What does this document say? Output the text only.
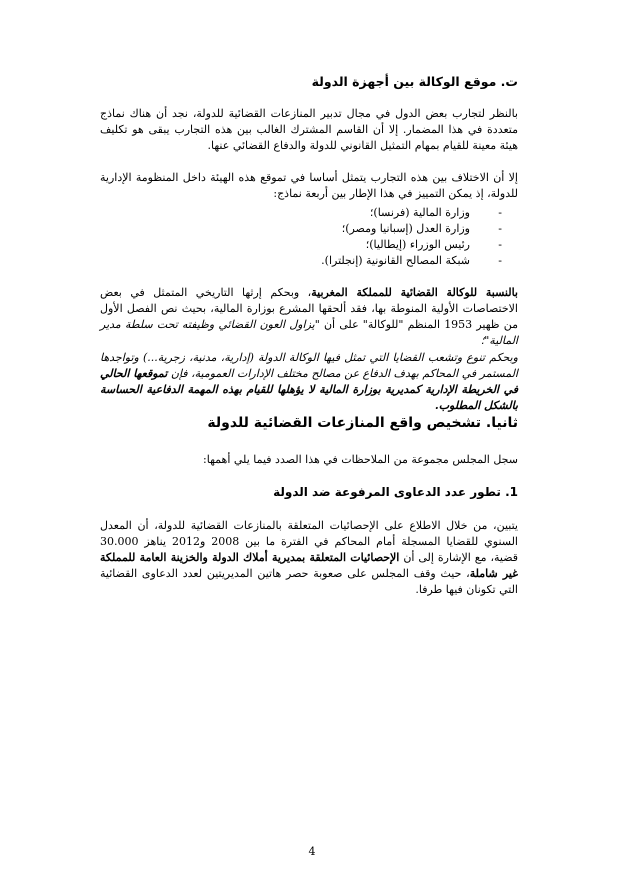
ت. موقع الوكالة بين أجهزة الدولة
بالنظر لتجارب بعض الدول في مجال تدبير المنازعات القضائية للدولة، نجد أن هناك نماذج متعددة في هذا المضمار. إلا أن القاسم المشترك الغالب بين هذه التجارب يبقى هو تكليف هيئة معينة للقيام بمهام التمثيل القانوني للدولة والدفاع القضائي عنها.
إلا أن الاختلاف بين هذه التجارب يتمثل أساسا في تموقع هذه الهيئة داخل المنظومة الإدارية للدولة، إذ يمكن التمييز في هذا الإطار بين أربعة نماذج:
-
وزارة المالية (فرنسا)؛
-
وزارة العدل (إسبانيا ومصر)؛
-
رئيس الوزراء (إيطاليا)؛
-
شبكة المصالح القانونية (إنجلترا).
بالنسبة للوكالة القضائية للمملكة المغربية، وبحكم إرثها التاريخي المتمثل في بعض الاختصاصات الأولية المنوطة بها، فقد ألحقها المشرع بوزارة المالية، بحيث نص الفصل الأول من ظهير 1953 المنظم "للوكالة" على أن "يزاول العون القضائي وظيفته تحت سلطة مدير المالية"؛
وبحكم تنوع وتشعب القضايا التي تمثل فيها الوكالة الدولة (إدارية، مدنية، زجرية...) وتواجدها المستمر في المحاكم بهدف الدفاع عن مصالح مختلف الإدارات العمومية، فإن تموقعها الحالي في الخريطة الإدارية كمديرية بوزارة المالية لا يؤهلها للقيام بهذه المهمة الدفاعية الحساسة بالشكل المطلوب.
ثانيا. تشخيص واقع المنازعات القضائية للدولة
سجل المجلس مجموعة من الملاحظات في هذا الصدد فيما يلي أهمها:
1. تطور عدد الدعاوى المرفوعة ضد الدولة
يتبين، من خلال الاطلاع على الإحصائيات المتعلقة بالمنازعات القضائية للدولة، أن المعدل السنوي للقضايا المسجلة أمام المحاكم في الفترة ما بين 2008 و2012 يناهز 30.000 قضية، مع الإشارة إلى أن الإحصائيات المتعلقة بمديرية أملاك الدولة والخزينة العامة للمملكة غير شاملة، حيث وقف المجلس على صعوبة حصر هاتين المديريتين لعدد الدعاوى القضائية التي تكونان فيها طرفا.
4
